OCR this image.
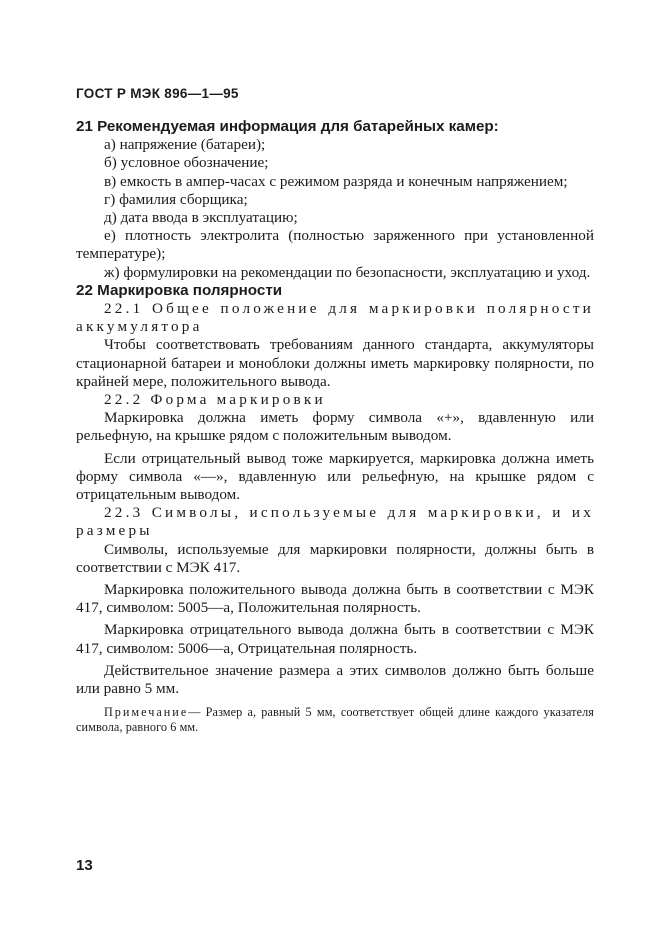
ГОСТ Р МЭК 896—1—95

21 Рекомендуемая информация для батарейных камер:

а) напряжение (батареи);

б) условное обозначение;

в) емкость в ампер-часах с режимом разряда и конечным напряжением;

г) фамилия сборщика;

д) дата ввода в эксплуатацию;

е) плотность электролита (полностью заряженного при установленной температуре);

ж) формулировки на рекомендации по безопасности, эксплуатацию и уход.

22 Маркировка полярности

22.1 Общее положение для маркировки полярности аккумулятора

Чтобы соответствовать требованиям данного стандарта, аккумуляторы стационарной батареи и моноблоки должны иметь маркировку полярности, по крайней мере, положительного вывода.

22.2 Форма маркировки

Маркировка должна иметь форму символа «+», вдавленную или рельефную, на крышке рядом с положительным выводом.

Если отрицательный вывод тоже маркируется, маркировка должна иметь форму символа «—», вдавленную или рельефную, на крышке рядом с отрицательным выводом.

22.3 Символы, используемые для маркировки, и их размеры

Символы, используемые для маркировки полярности, должны быть в соответствии с МЭК 417.

Маркировка положительного вывода должна быть в соответствии с МЭК 417, символом: 5005—а, Положительная полярность.

Маркировка отрицательного вывода должна быть в соответствии с МЭК 417, символом: 5006—а, Отрицательная полярность.

Действительное значение размера а этих символов должно быть больше или равно 5 мм.

Примечание— Размер а, равный 5 мм, соответствует общей длине каждого указателя символа, равного 6 мм.

13
